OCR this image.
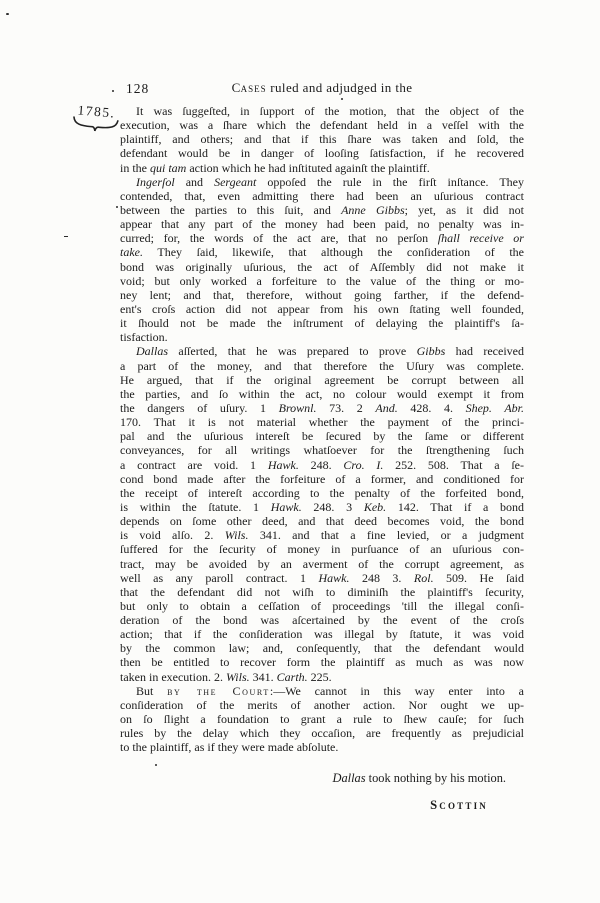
128	Cases ruled and adjudged in the
1785.	It was ſuggeſted, in ſupport of the motion, that the object of the
execution, was a ſhare which the defendant held in a veſſel with the
plaintiff, and others; and that if this ſhare was taken and ſold, the
defendant would be in danger of looſing ſatisfaction, if he recovered
in the qui tam action which he had inſtituted againſt the plaintiff.
Ingerſol and Sergeant oppoſed the rule in the firſt inſtance. They
contended, that, even admitting there had been an uſurious contract
between the parties to this ſuit, and Anne Gibbs; yet, as it did not
appear that any part of the money had been paid, no penalty was in-
curred; for, the words of the act are, that no perſon ſhall receive or
take. They ſaid, likewiſe, that although the conſideration of the
bond was originally uſurious, the act of Aſſembly did not make it
void; but only worked a forfeiture to the value of the thing or mo-
ney lent; and that, therefore, without going farther, if the defend-
ent's croſs action did not appear from his own ſtating well founded,
it ſhould not be made the inſtrument of delaying the plaintiff's ſa-
tisfaction.
Dallas aſſerted, that he was prepared to prove Gibbs had received
a part of the money, and that therefore the Uſury was complete.
He argued, that if the original agreement be corrupt between all
the parties, and ſo within the act, no colour would exempt it from
the dangers of uſury. 1 Brownl. 73. 2 And. 428. 4. Shep. Abr.
170. That it is not material whether the payment of the princi-
pal and the uſurious intereſt be ſecured by the ſame or different
conveyances, for all writings whatſoever for the ſtrengthening ſuch
a contract are void. 1 Hawk. 248. Cro. I. 252. 508. That a ſe-
cond bond made after the forfeiture of a former, and conditioned for
the receipt of intereſt according to the penalty of the forfeited bond,
is within the ſtatute. 1 Hawk. 248. 3 Keb. 142. That if a bond
depends on ſome other deed, and that deed becomes void, the bond
is void alſo. 2. Wils. 341. and that a fine levied, or a judgment
ſuffered for the ſecurity of money in purſuance of an uſurious con-
tract, may be avoided by an averment of the corrupt agreement, as
well as any paroll contract. 1 Hawk. 248 3. Rol. 509. He ſaid
that the defendant did not wiſh to diminiſh the plaintiff's ſecurity,
but only to obtain a ceſſation of proceedings 'till the illegal conſi-
deration of the bond was aſcertained by the event of the croſs
action; that if the conſideration was illegal by ſtatute, it was void
by the common law; and, conſequently, that the defendant would
then be entitled to recover form the plaintiff as much as was now
taken in execution. 2. Wils. 341. Carth. 225.
But by the Court:—We cannot in this way enter into a
conſideration of the merits of another action. Nor ought we up-
on ſo ſlight a foundation to grant a rule to ſhew cauſe; for ſuch
rules by the delay which they occaſion, are frequently as prejudicial
to the plaintiff, as if they were made abſolute.
Dallas took nothing by his motion.
Scottin
